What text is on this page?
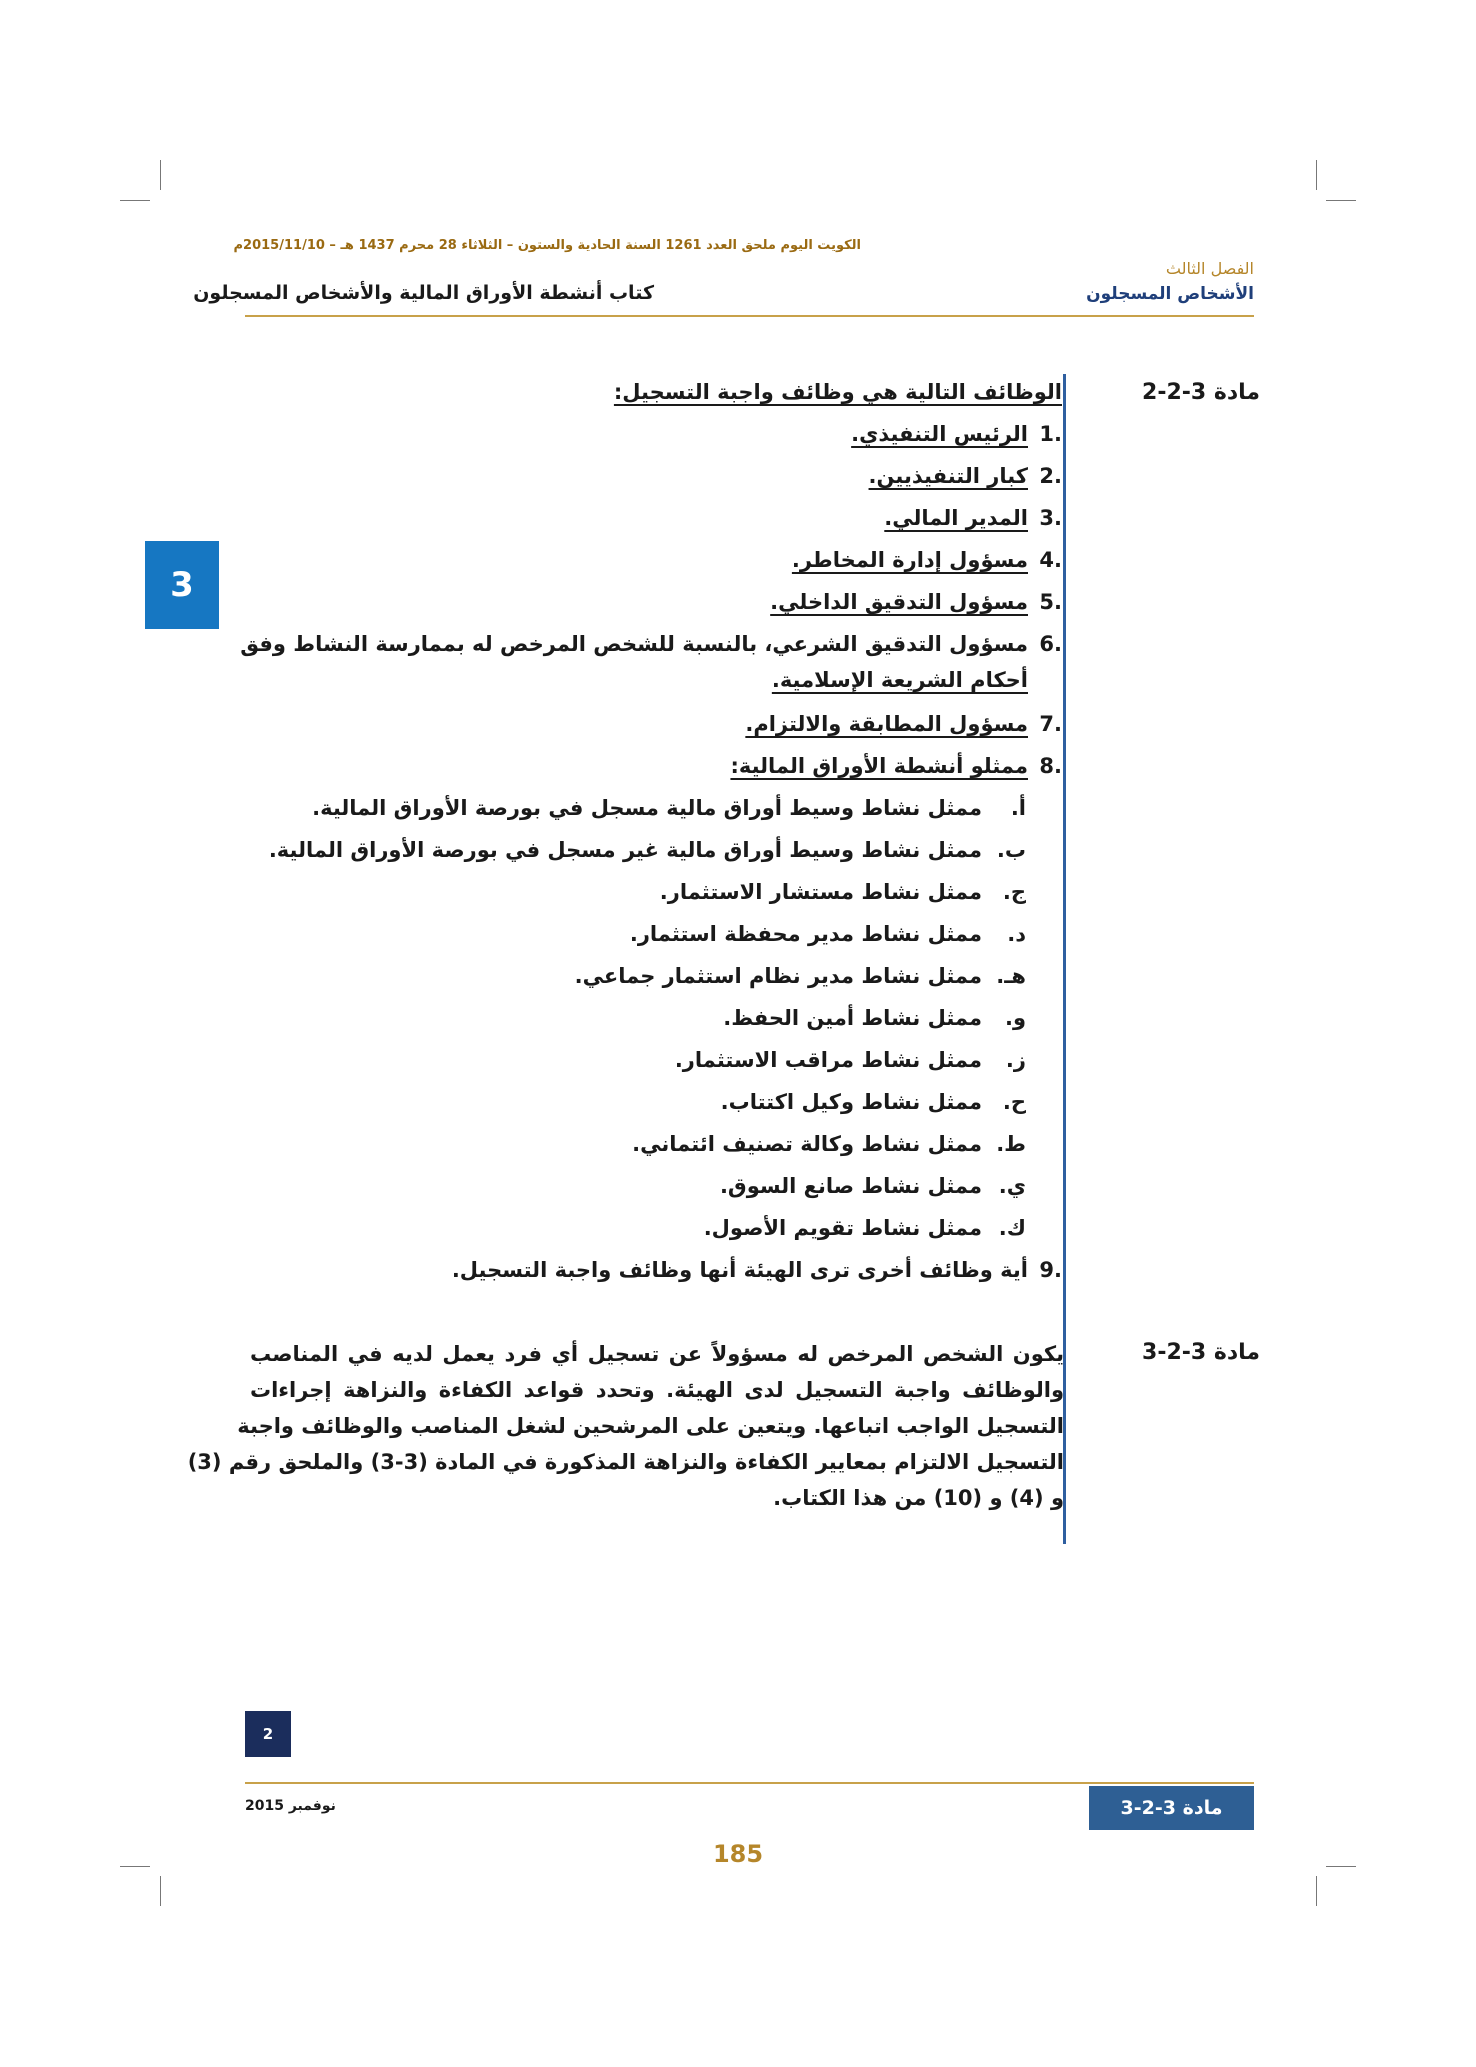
الكويت اليوم ملحق العدد 1261 السنة الحادية والستون – الثلاثاء 28 محرم 1437 هـ – 2015/11/10م
الفصل الثالث
الأشخاص المسجلون
كتاب أنشطة الأوراق المالية والأشخاص المسجلون
3
مادة 3-2-2
الوظائف التالية هي وظائف واجبة التسجيل:
.1الرئيس التنفيذي.
.2كبار التنفيذيين.
.3المدير المالي.
.4مسؤول إدارة المخاطر.
.5مسؤول التدقيق الداخلي.
.6مسؤول التدقيق الشرعي، بالنسبة للشخص المرخص له بممارسة النشاط وفق
أحكام الشريعة الإسلامية.
.7مسؤول المطابقة والالتزام.
.8ممثلو أنشطة الأوراق المالية:
أ.ممثل نشاط وسيط أوراق مالية مسجل في بورصة الأوراق المالية.
ب.ممثل نشاط وسيط أوراق مالية غير مسجل في بورصة الأوراق المالية.
ج.ممثل نشاط مستشار الاستثمار.
د.ممثل نشاط مدير محفظة استثمار.
هـ.ممثل نشاط مدير نظام استثمار جماعي.
و.ممثل نشاط أمين الحفظ.
ز.ممثل نشاط مراقب الاستثمار.
ح.ممثل نشاط وكيل اكتتاب.
ط.ممثل نشاط وكالة تصنيف ائتماني.
ي.ممثل نشاط صانع السوق.
ك.ممثل نشاط تقويم الأصول.
.9أية وظائف أخرى ترى الهيئة أنها وظائف واجبة التسجيل.
مادة 3-2-3
يكون الشخص المرخص له مسؤولاً عن تسجيل أي فرد يعمل لديه في المناصب
والوظائف واجبة التسجيل لدى الهيئة. وتحدد قواعد الكفاءة والنزاهة إجراءات
التسجيل الواجب اتباعها. ويتعين على المرشحين لشغل المناصب والوظائف واجبة
التسجيل الالتزام بمعايير الكفاءة والنزاهة المذكورة في المادة (3-3) والملحق رقم (3)
و (4) و (10) من هذا الكتاب.
2
نوفمبر 2015	مادة 3-2-3
185
